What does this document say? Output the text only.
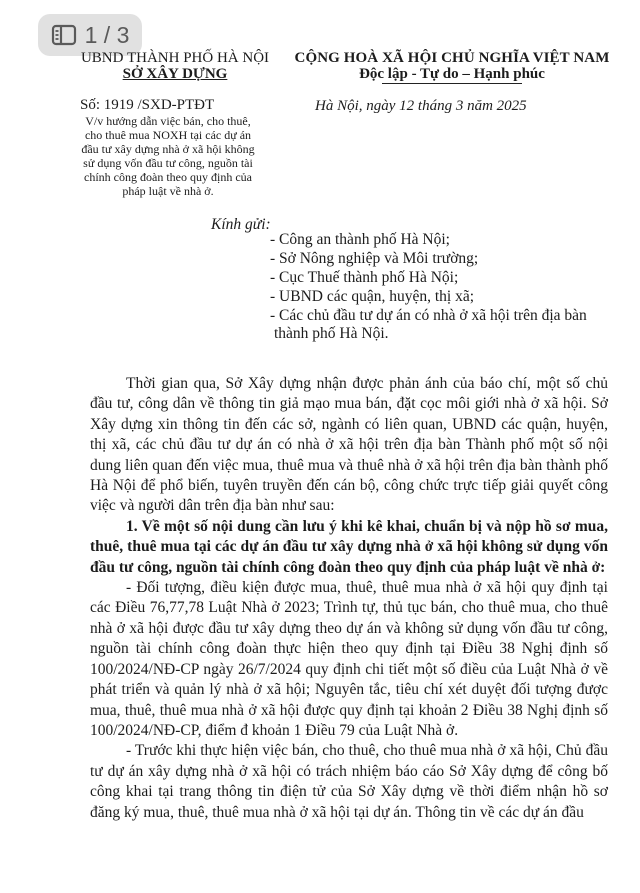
1 / 3
UBND THÀNH PHỐ HÀ NỘI
SỞ XÂY DỰNG
CỘNG HOÀ XÃ HỘI CHỦ NGHĨA VIỆT NAM
Độc lập - Tự do – Hạnh phúc
Số: 1919 /SXD-PTĐT
V/v hướng dẫn việc bán, cho thuê,
cho thuê mua NOXH tại các dự án
đầu tư xây dựng nhà ở xã hội không
sử dụng vốn đầu tư công, nguồn tài
chính công đoàn theo quy định của
pháp luật về nhà ở.
Hà Nội, ngày 12 tháng 3 năm 2025
Kính gửi:
- Công an thành phố Hà Nội;
- Sở Nông nghiệp và Môi trường;
- Cục Thuế thành phố Hà Nội;
- UBND các quận, huyện, thị xã;
- Các chủ đầu tư dự án có nhà ở xã hội trên địa bàn
thành phố Hà Nội.

Thời gian qua, Sở Xây dựng nhận được phản ánh của báo chí, một số chủ đầu tư, công dân về thông tin giả mạo mua bán, đặt cọc môi giới nhà ở xã hội. Sở Xây dựng xin thông tin đến các sở, ngành có liên quan, UBND các quận, huyện, thị xã, các chủ đầu tư dự án có nhà ở xã hội trên địa bàn Thành phố một số nội dung liên quan đến việc mua, thuê mua và thuê nhà ở xã hội trên địa bàn thành phố Hà Nội để phổ biến, tuyên truyền đến cán bộ, công chức trực tiếp giải quyết công việc và người dân trên địa bàn như sau:

1. Về một số nội dung cần lưu ý khi kê khai, chuẩn bị và nộp hồ sơ mua, thuê, thuê mua tại các dự án đầu tư xây dựng nhà ở xã hội không sử dụng vốn đầu tư công, nguồn tài chính công đoàn theo quy định của pháp luật về nhà ở:

- Đối tượng, điều kiện được mua, thuê, thuê mua nhà ở xã hội quy định tại các Điều 76,77,78 Luật Nhà ở 2023; Trình tự, thủ tục bán, cho thuê mua, cho thuê nhà ở xã hội được đầu tư xây dựng theo dự án và không sử dụng vốn đầu tư công, nguồn tài chính công đoàn thực hiện theo quy định tại Điều 38 Nghị định số 100/2024/NĐ-CP ngày 26/7/2024 quy định chi tiết một số điều của Luật Nhà ở về phát triển và quản lý nhà ở xã hội; Nguyên tắc, tiêu chí xét duyệt đối tượng được mua, thuê, thuê mua nhà ở xã hội được quy định tại khoản 2 Điều 38 Nghị định số 100/2024/NĐ-CP, điểm đ khoản 1 Điều 79 của Luật Nhà ở.

- Trước khi thực hiện việc bán, cho thuê, cho thuê mua nhà ở xã hội, Chủ đầu tư dự án xây dựng nhà ở xã hội có trách nhiệm báo cáo Sở Xây dựng để công bố công khai tại trang thông tin điện tử của Sở Xây dựng về thời điểm nhận hồ sơ đăng ký mua, thuê, thuê mua nhà ở xã hội tại dự án. Thông tin về các dự án đầu
